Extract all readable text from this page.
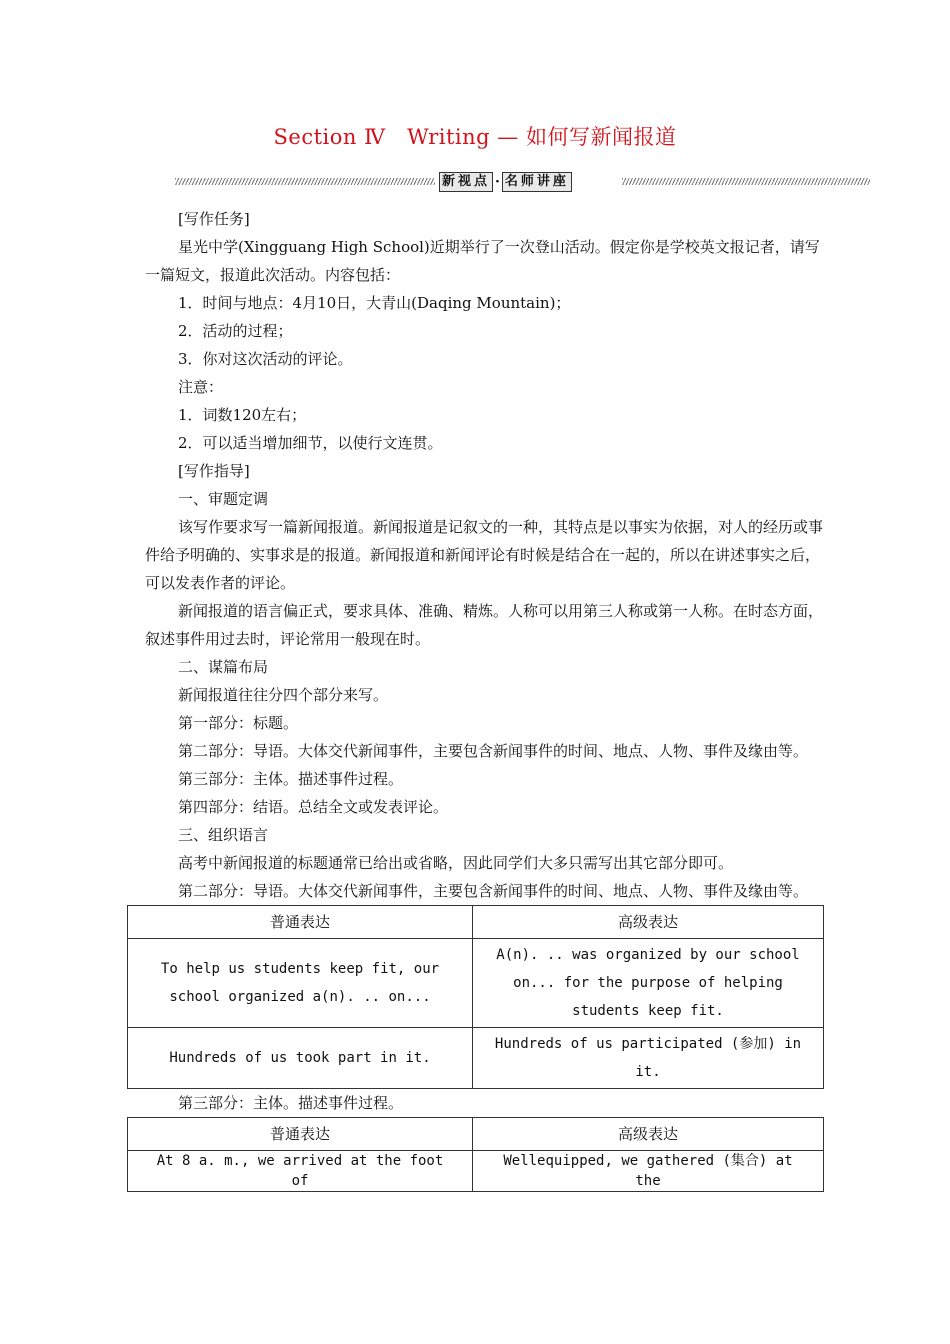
Section Ⅳ　Writing — 如何写新闻报道
新视点 · 名师讲座

[写作任务]

星光中学(Xingguang High School)近期举行了一次登山活动。假定你是学校英文报记者，请写一篇短文，报道此次活动。内容包括：

1．时间与地点：4月10日，大青山(Daqing Mountain)；

2．活动的过程；

3．你对这次活动的评论。

注意：

1．词数120左右；

2．可以适当增加细节，以使行文连贯。

[写作指导]

一、审题定调

该写作要求写一篇新闻报道。新闻报道是记叙文的一种，其特点是以事实为依据，对人的经历或事件给予明确的、实事求是的报道。新闻报道和新闻评论有时候是结合在一起的，所以在讲述事实之后，可以发表作者的评论。

新闻报道的语言偏正式，要求具体、准确、精炼。人称可以用第三人称或第一人称。在时态方面，叙述事件用过去时，评论常用一般现在时。

二、谋篇布局

新闻报道往往分四个部分来写。

第一部分：标题。

第二部分：导语。大体交代新闻事件，主要包含新闻事件的时间、地点、人物、事件及缘由等。

第三部分：主体。描述事件过程。

第四部分：结语。总结全文或发表评论。

三、组织语言

高考中新闻报道的标题通常已给出或省略，因此同学们大多只需写出其它部分即可。

第二部分：导语。大体交代新闻事件，主要包含新闻事件的时间、地点、人物、事件及缘由等。

普通表达	高级表达
To help us students keep fit, our school organized a(n). .. on...	A(n). .. was organized by our school on... for the purpose of helping students keep fit.
Hundreds of us took part in it.	Hundreds of us participated (参加) in it.

第三部分：主体。描述事件过程。

普通表达	高级表达
At 8 a. m., we arrived at the foot of	Wellequipped, we gathered (集合) at the
